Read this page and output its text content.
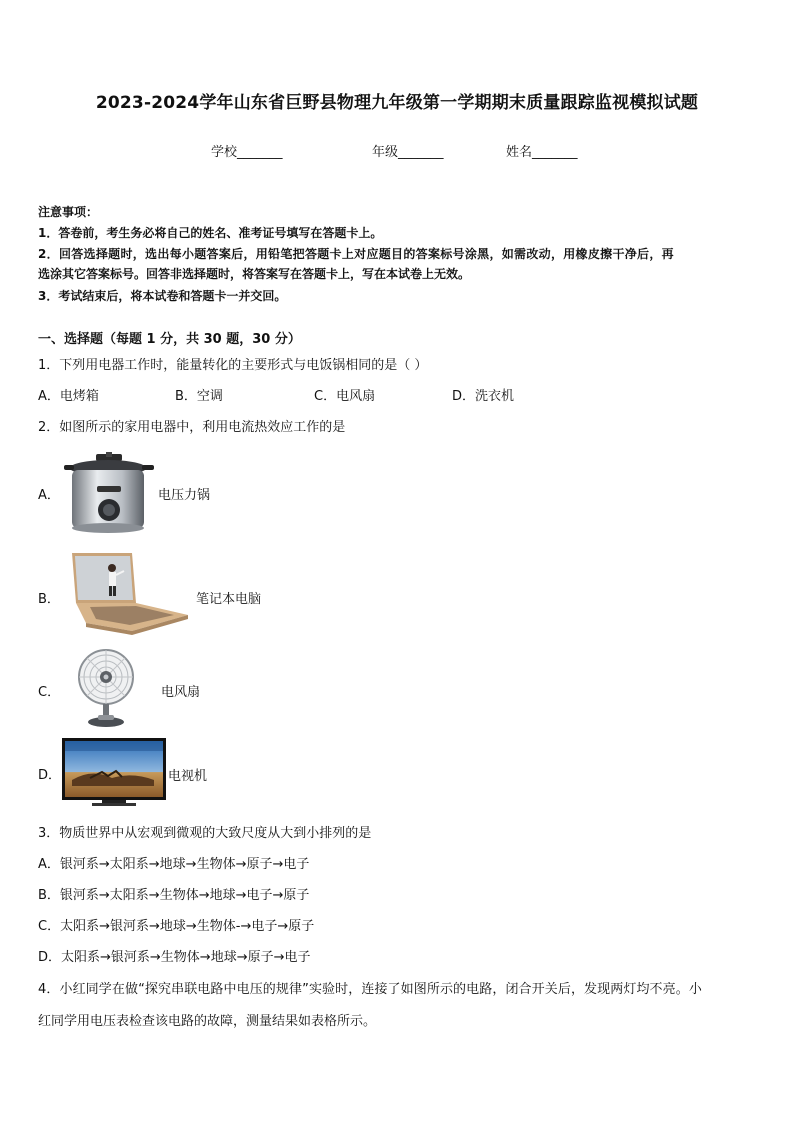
2023-2024学年山东省巨野县物理九年级第一学期期末质量跟踪监视模拟试题
学校_______	年级_______	姓名_______
注意事项：
1．答卷前，考生务必将自己的姓名、准考证号填写在答题卡上。
2．回答选择题时，选出每小题答案后，用铅笔把答题卡上对应题目的答案标号涂黑，如需改动，用橡皮擦干净后，再
选涂其它答案标号。回答非选择题时，将答案写在答题卡上，写在本试卷上无效。
3．考试结束后，将本试卷和答题卡一并交回。
一、选择题（每题 1 分，共 30 题，30 分）
1．下列用电器工作时，能量转化的主要形式与电饭锅相同的是（ ）
A．电烤箱	B．空调	C．电风扇	D．洗衣机
2．如图所示的家用电器中，利用电流热效应工作的是
A．	电压力锅
B．	笔记本电脑
C．	电风扇
D．	电视机
3．物质世界中从宏观到微观的大致尺度从大到小排列的是
A．银河系→太阳系→地球→生物体→原子→电子
B．银河系→太阳系→生物体→地球→电子→原子
C．太阳系→银河系→地球→生物体-→电子→原子
D．太阳系→银河系→生物体→地球→原子→电子
4．小红同学在做“探究串联电路中电压的规律”实验时，连接了如图所示的电路，闭合开关后，发现两灯均不亮。小
红同学用电压表检查该电路的故障，测量结果如表格所示。
